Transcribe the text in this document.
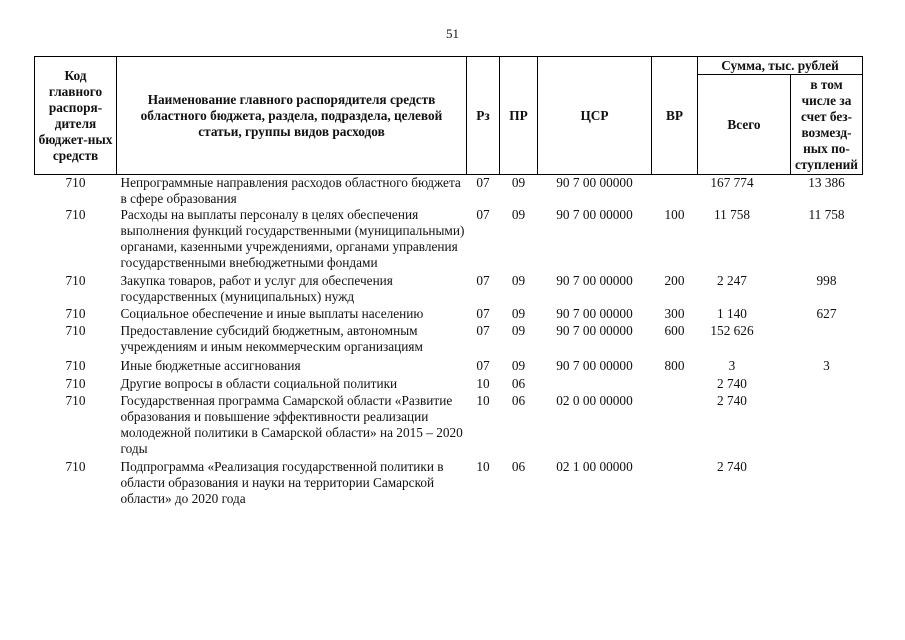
51
Код главного распоря-дителя бюджет-ных средств	Наименование главного распорядителя средств областного бюджета, раздела, подраздела, целевой статьи, группы видов расходов	Рз	ПР	ЦСР	ВР	Сумма, тыс. рублей	
						Всего	в том числе за счет без-возмезд-ных по-ступлений
710	Непрограммные направления расходов областного бюджета в сфере образования	07	09	90 7 00 00000		167 774	13 386
710	Расходы на выплаты персоналу в целях обеспечения выполнения функций государственными (муниципальными) органами, казенными учреждениями, органами управления государственными внебюджетными фондами	07	09	90 7 00 00000	100	11 758	11 758
710	Закупка товаров, работ и услуг для обеспечения государственных (муниципальных) нужд	07	09	90 7 00 00000	200	2 247	998
710	Социальное обеспечение и иные выплаты населению	07	09	90 7 00 00000	300	1 140	627
710	Предоставление субсидий бюджетным, автономным учреждениям и иным некоммерческим организациям	07	09	90 7 00 00000	600	152 626	
710	Иные бюджетные ассигнования	07	09	90 7 00 00000	800	3	3
710	Другие вопросы в области социальной политики	10	06			2 740	
710	Государственная программа Самарской области «Развитие образования и повышение эффективности реализации молодежной политики в Самарской области» на 2015 – 2020 годы	10	06	02 0 00 00000		2 740	
710	Подпрограмма «Реализация государственной политики в области образования и науки на территории Самарской области» до 2020 года	10	06	02 1 00 00000		2 740	
